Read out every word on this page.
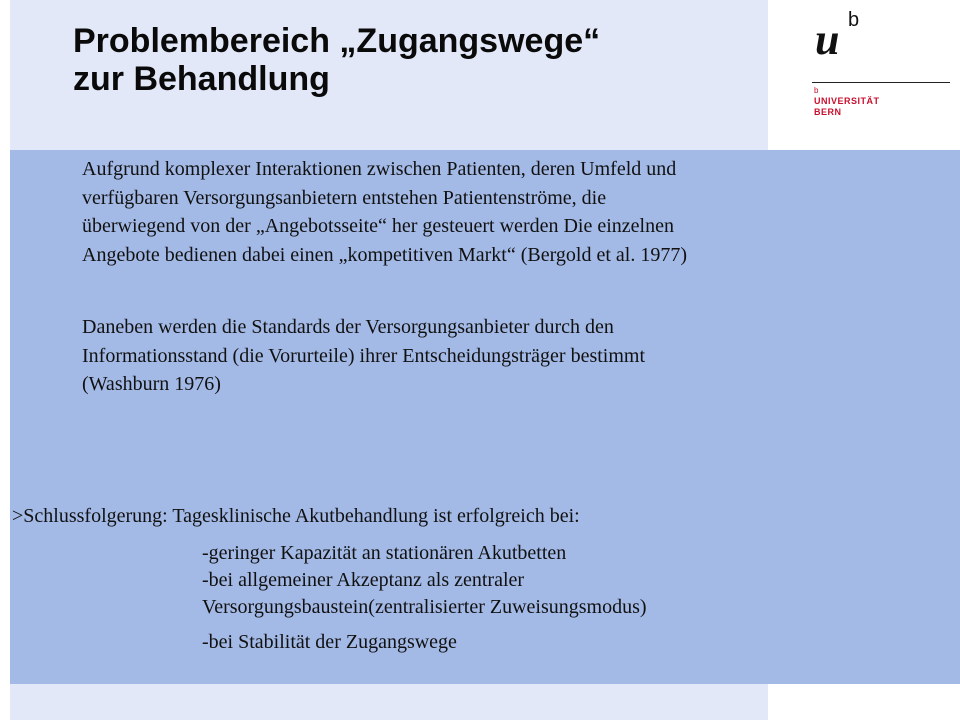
Problembereich „Zugangswege“
zur Behandlung
u b
b
UNIVERSITÄT
BERN

Aufgrund komplexer Interaktionen zwischen Patienten, deren Umfeld und
verfügbaren Versorgungsanbietern entstehen Patientenströme, die
überwiegend von der „Angebotsseite“ her gesteuert werden Die einzelnen
Angebote bedienen dabei einen „kompetitiven Markt“ (Bergold et al. 1977)

Daneben werden die Standards der Versorgungsanbieter durch den
Informationsstand (die Vorurteile) ihrer Entscheidungsträger bestimmt
(Washburn 1976)

>Schlussfolgerung: Tagesklinische Akutbehandlung ist erfolgreich bei:

-geringer Kapazität an stationären Akutbetten
-bei allgemeiner Akzeptanz als zentraler
Versorgungsbaustein(zentralisierter Zuweisungsmodus)
-bei Stabilität der Zugangswege
